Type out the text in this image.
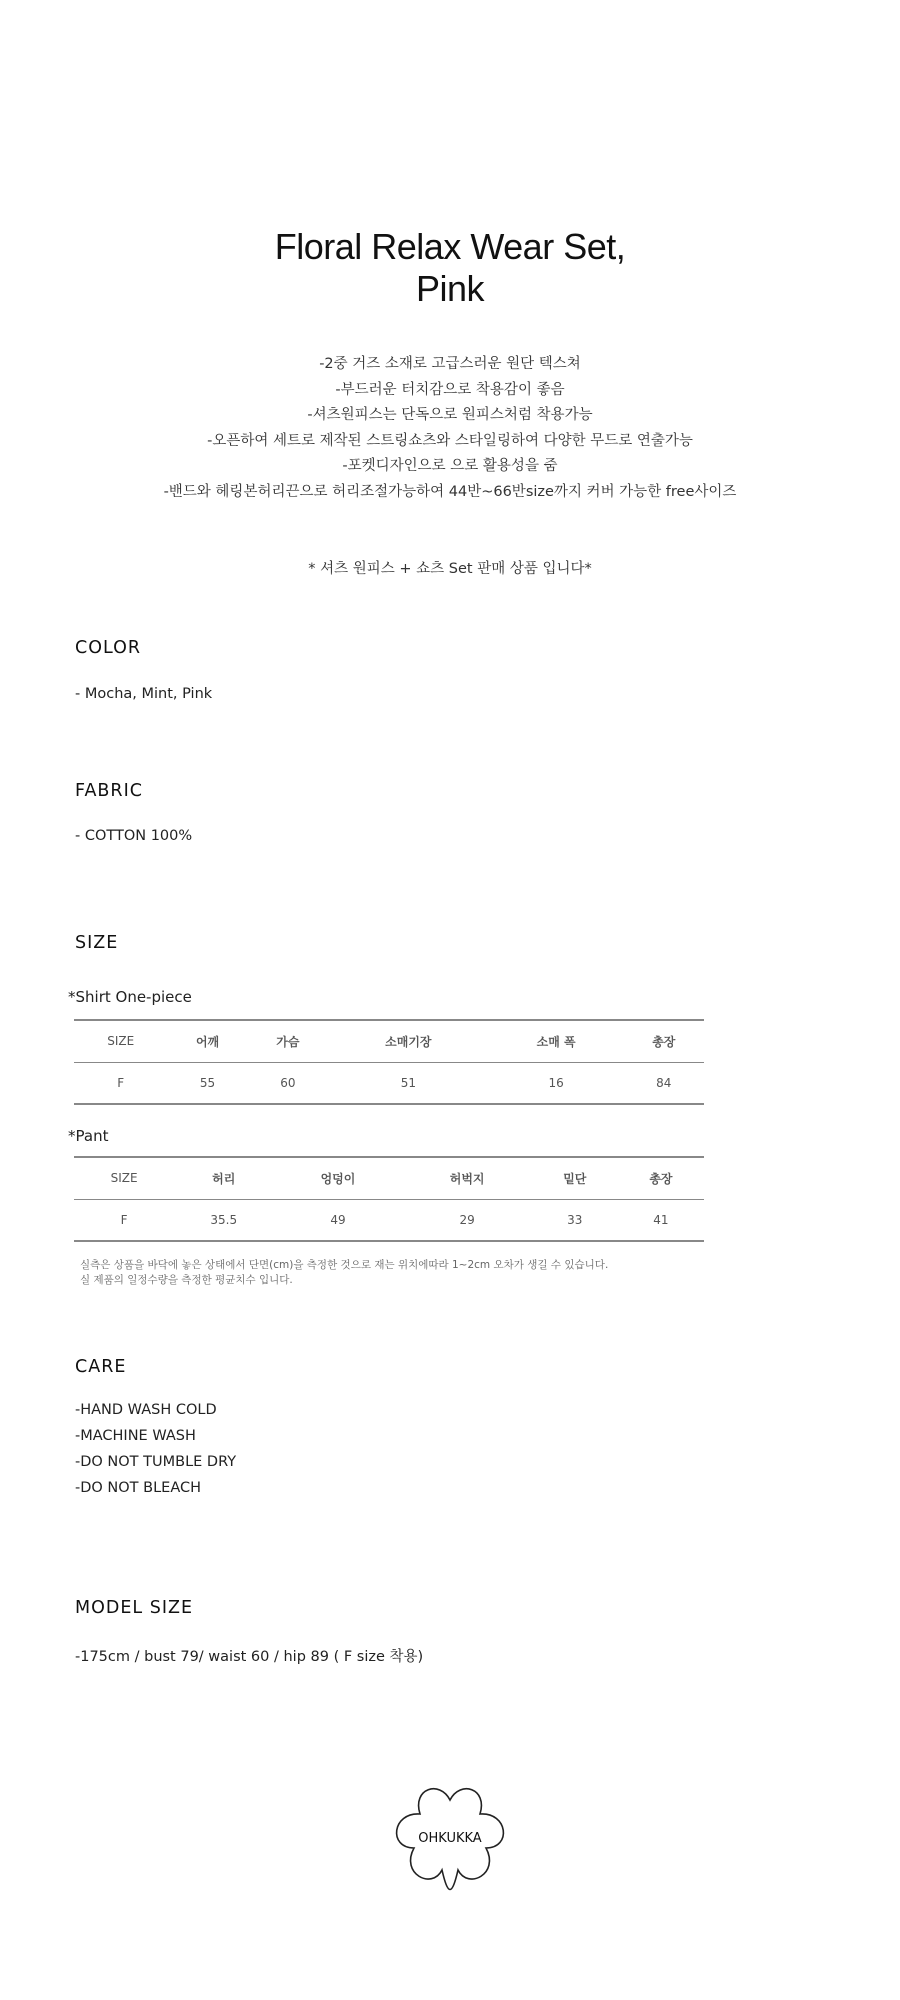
Floral Relax Wear Set,
Pink
-2중 거즈 소재로 고급스러운 원단 텍스쳐
-부드러운 터치감으로 착용감이 좋음
-셔츠원피스는 단독으로 원피스처럼 착용가능
-오픈하여 세트로 제작된 스트링쇼츠와 스타일링하여 다양한 무드로 연출가능
-포켓디자인으로 으로 활용성을 줌
-밴드와 헤링본허리끈으로 허리조절가능하여 44반~66반size까지 커버 가능한 free사이즈
* 셔츠 원피스 + 쇼츠 Set 판매 상품 입니다*
COLOR
- Mocha, Mint, Pink
FABRIC
- COTTON 100%
SIZE
*Shirt One-piece
SIZE	어깨	가슴	소매기장	소매 폭	총장
F	55	60	51	16	84
*Pant
SIZE	허리	엉덩이	허벅지	밑단	총장
F	35.5	49	29	33	41
실측은 상품을 바닥에 놓은 상태에서 단면(cm)을 측정한 것으로 재는 위치에따라 1~2cm 오차가 생길 수 있습니다.
실 제품의 일정수량을 측정한 평균치수 입니다.
CARE
-HAND WASH COLD
-MACHINE WASH
-DO NOT TUMBLE DRY
-DO NOT BLEACH
MODEL SIZE
-175cm / bust 79/ waist 60 / hip 89 ( F size 착용)
OHKUKKA
